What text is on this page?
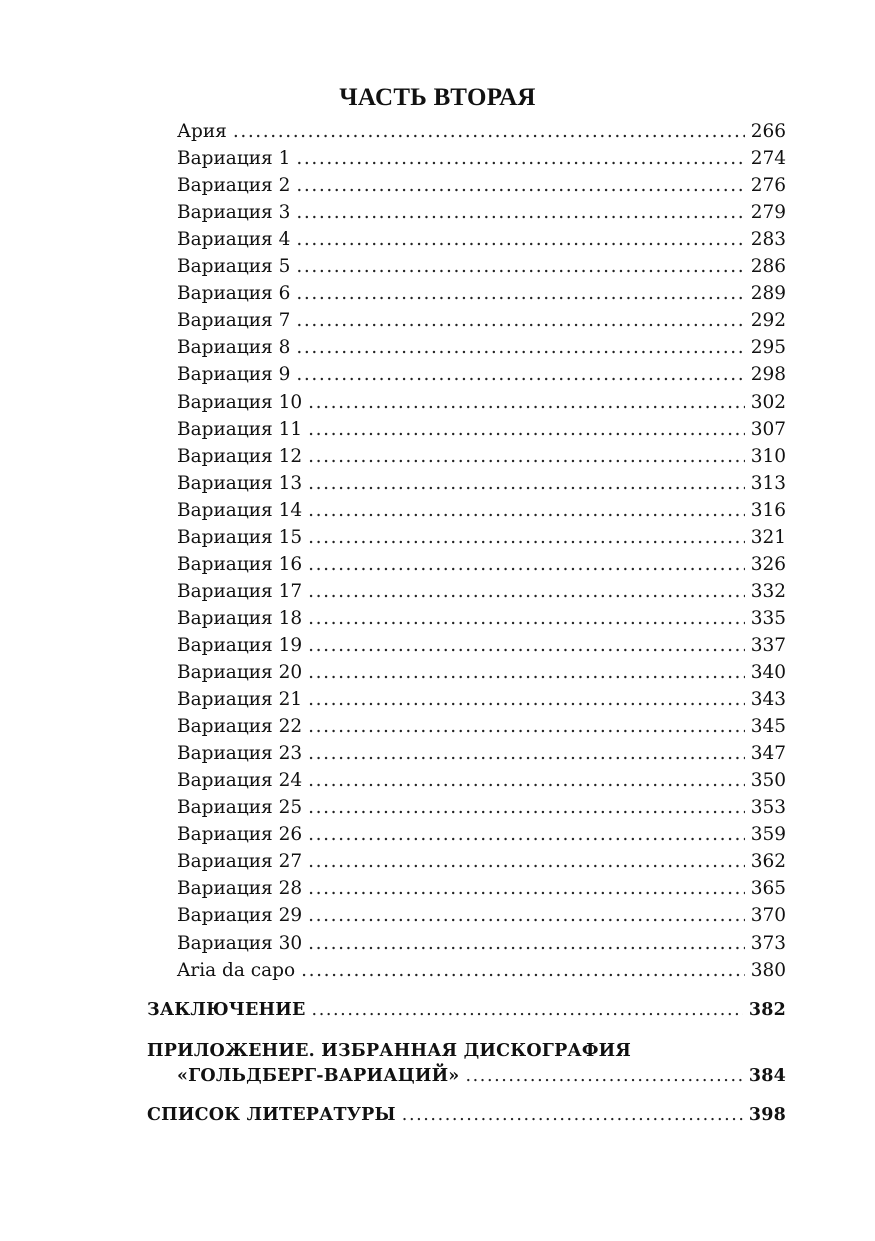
ЧАСТЬ ВТОРАЯ
Ария .....	266
Вариация 1 .....	274
Вариация 2 .....	276
Вариация 3 .....	279
Вариация 4 .....	283
Вариация 5 .....	286
Вариация 6 .....	289
Вариация 7 .....	292
Вариация 8 .....	295
Вариация 9 .....	298
Вариация 10 .....	302
Вариация 11 .....	307
Вариация 12 .....	310
Вариация 13 .....	313
Вариация 14 .....	316
Вариация 15 .....	321
Вариация 16 .....	326
Вариация 17 .....	332
Вариация 18 .....	335
Вариация 19 .....	337
Вариация 20 .....	340
Вариация 21 .....	343
Вариация 22 .....	345
Вариация 23 .....	347
Вариация 24 .....	350
Вариация 25 .....	353
Вариация 26 .....	359
Вариация 27 .....	362
Вариация 28 .....	365
Вариация 29 .....	370
Вариация 30 .....	373
Aria da capo .....	380
ЗАКЛЮЧЕНИЕ .....	382
ПРИЛОЖЕНИЕ. ИЗБРАННАЯ ДИСКОГРАФИЯ
«ГОЛЬДБЕРГ-ВАРИАЦИЙ» .....	384
СПИСОК ЛИТЕРАТУРЫ .....	398
